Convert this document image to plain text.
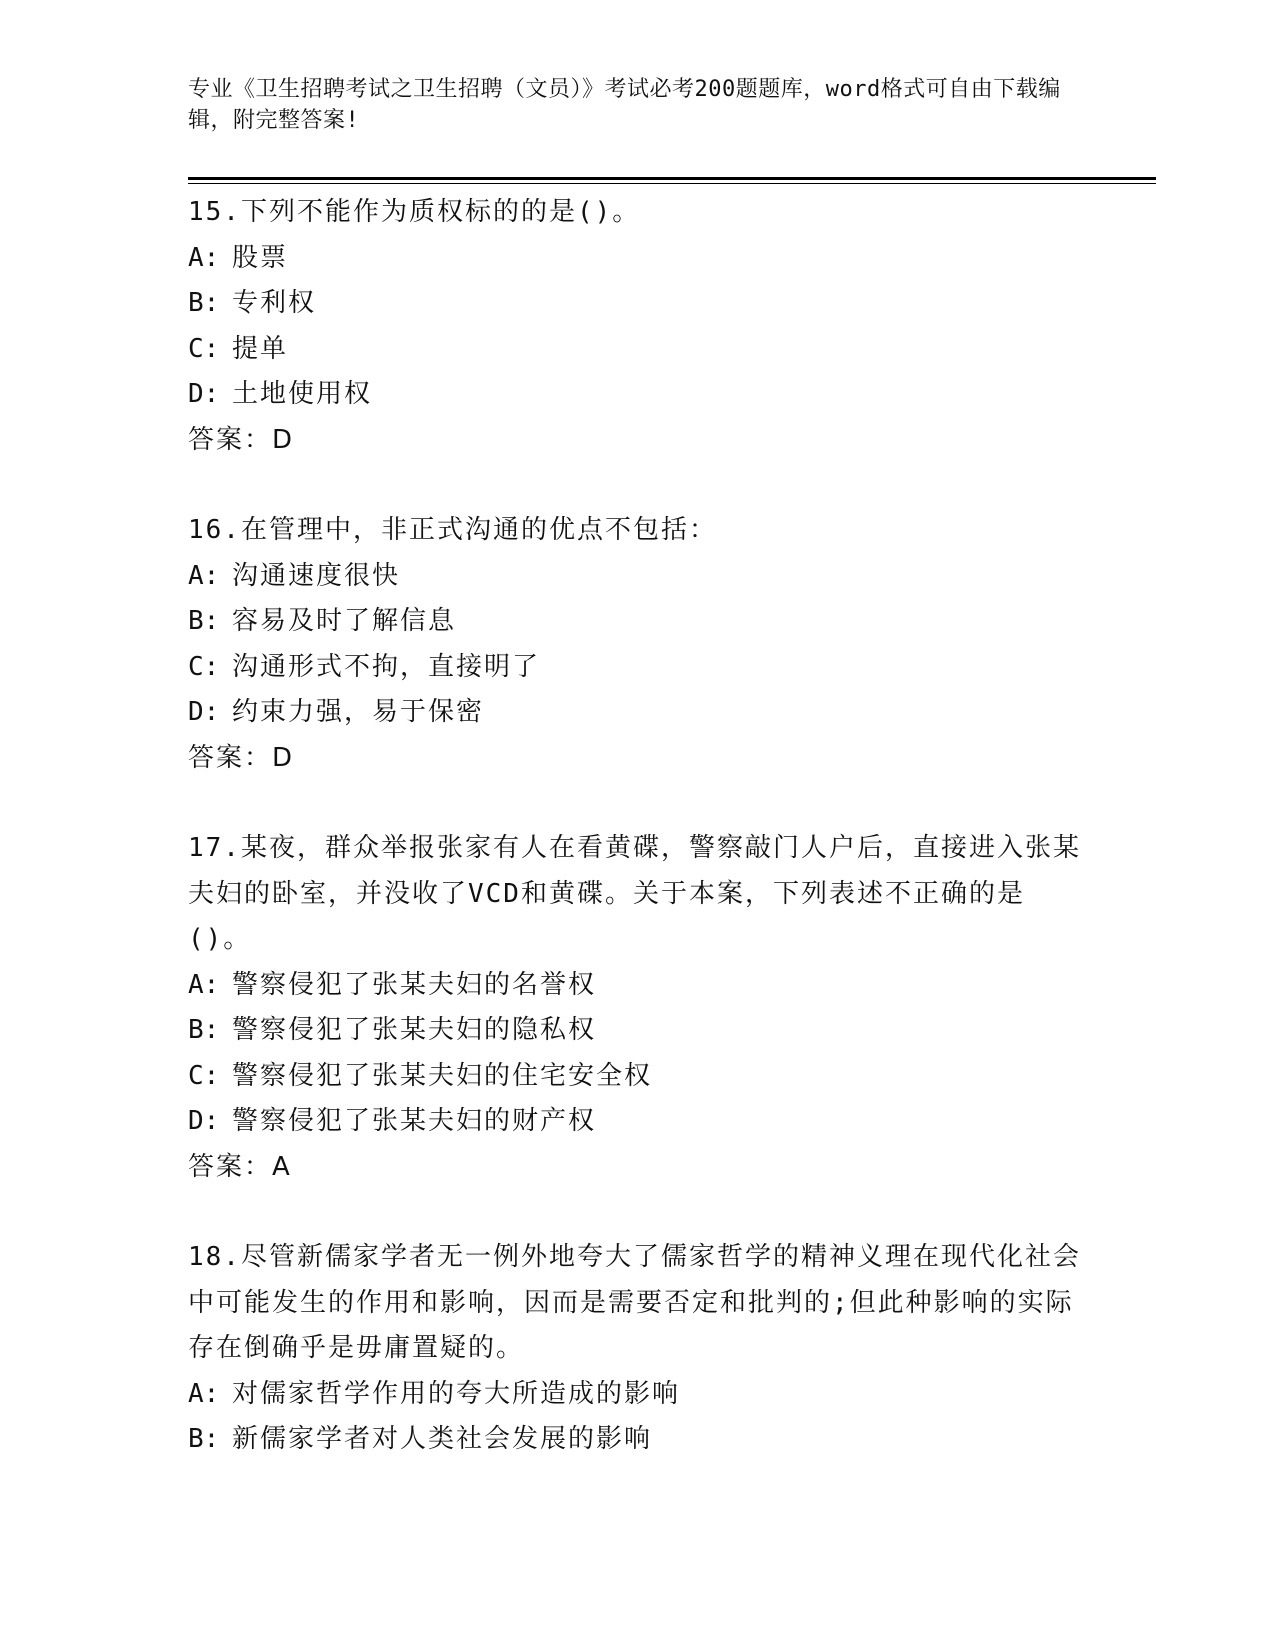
专业《卫生招聘考试之卫生招聘（文员）》考试必考200题题库，word格式可自由下载编辑，附完整答案!

15.下列不能作为质权标的的是()。

A: 股票

B: 专利权

C: 提单

D: 土地使用权

答案：D

16.在管理中，非正式沟通的优点不包括：

A: 沟通速度很快

B: 容易及时了解信息

C: 沟通形式不拘，直接明了

D: 约束力强，易于保密

答案：D

17.某夜，群众举报张家有人在看黄碟，警察敲门人户后，直接进入张某夫妇的卧室，并没收了VCD和黄碟。关于本案，下列表述不正确的是()。

A: 警察侵犯了张某夫妇的名誉权

B: 警察侵犯了张某夫妇的隐私权

C: 警察侵犯了张某夫妇的住宅安全权

D: 警察侵犯了张某夫妇的财产权

答案：A

18.尽管新儒家学者无一例外地夸大了儒家哲学的精神义理在现代化社会中可能发生的作用和影响，因而是需要否定和批判的;但此种影响的实际存在倒确乎是毋庸置疑的。

A: 对儒家哲学作用的夸大所造成的影响

B: 新儒家学者对人类社会发展的影响
